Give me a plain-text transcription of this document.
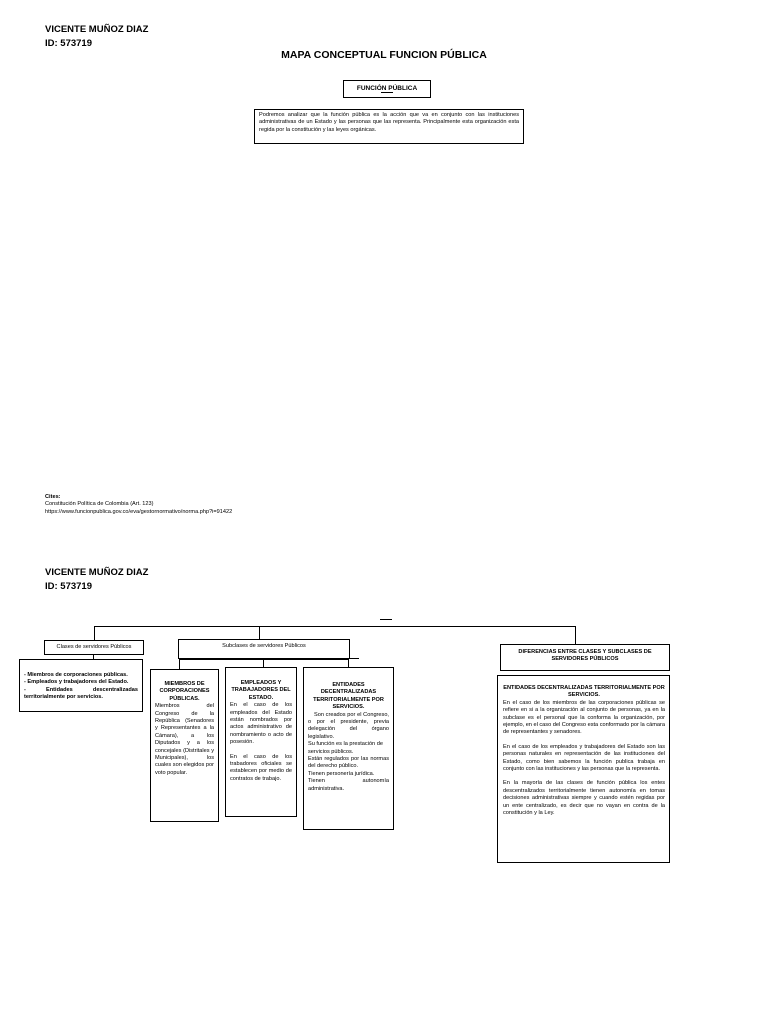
VICENTE MUÑOZ DIAZ
ID: 573719
MAPA CONCEPTUAL FUNCION PÚBLICA
FUNCIÓN PÚBLICA

Podremos analizar que la función pública es la acción que va en conjunto con las instituciones administrativas de un Estado y las personas que las representa. Principalmente esta organización esta regida por la constitución y las leyes orgánicas.

Cites:
Constitución Política de Colombia (Art. 123)
https://www.funcionpublica.gov.co/eva/gestornormativo/norma.php?i=91422
VICENTE MUÑOZ DIAZ
ID: 573719
Clases de servidores Públicos
- Miembros de corporaciones públicas.
- Empleados y trabajadores del Estado.
- Entidades descentralizadas territorialmente por servicios.
Subclases de servidores Públicos
MIEMBROS DE CORPORACIONES PÚBLICAS.
Miembros del Congreso de la República (Senadores y Representantes a la Cámara), a los Diputados y a los concejales (Distritales y Municipales), los cuales son elegidos por voto popular.
EMPLEADOS Y TRABAJADORES DEL ESTADO.
En el caso de los empleados del Estado están nombrados por actos administrativo de nombramiento o acto de posesión.
En el caso de los trabadores oficiales se establecen por medio de contratos de trabajo.
ENTIDADES DECENTRALIZADAS TERRITORIALMENTE POR SERVICIOS.
Son creados por el Congreso, o por el presidente, previa delegación del órgano legislativo.
Su función es la prestación de servicios públicos.
Están regulados por las normas del derecho público.
Tienen personería jurídica.
Tienen autonomía administrativa.
DIFERENCIAS ENTRE CLASES Y SUBCLASES DE SERVIDORES PÚBLICOS
ENTIDADES DECENTRALIZADAS TERRITORIALMENTE POR SERVICIOS.
En el caso de los miembros de las corporaciones públicas se refiere en si a la organización al conjunto de personas, ya en la subclase es el personal que la conforma la organización, por ejemplo, en el caso del Congreso esta conformado por la cámara de representantes y senadores.
En el caso de los empleados y trabajadores del Estado son las personas naturales en representación de las instituciones del Estado, como bien sabemos la función publica trabaja en conjunto con las instituciones y las personas que la representa.
En la mayoría de las clases de función pública los entes descentralizados territorialmente tienen autonomía en tomas decisiones administrativas siempre y cuando estén regidas por un ente centralizado, es decir que no vayan en contra de la constitución y la Ley.
